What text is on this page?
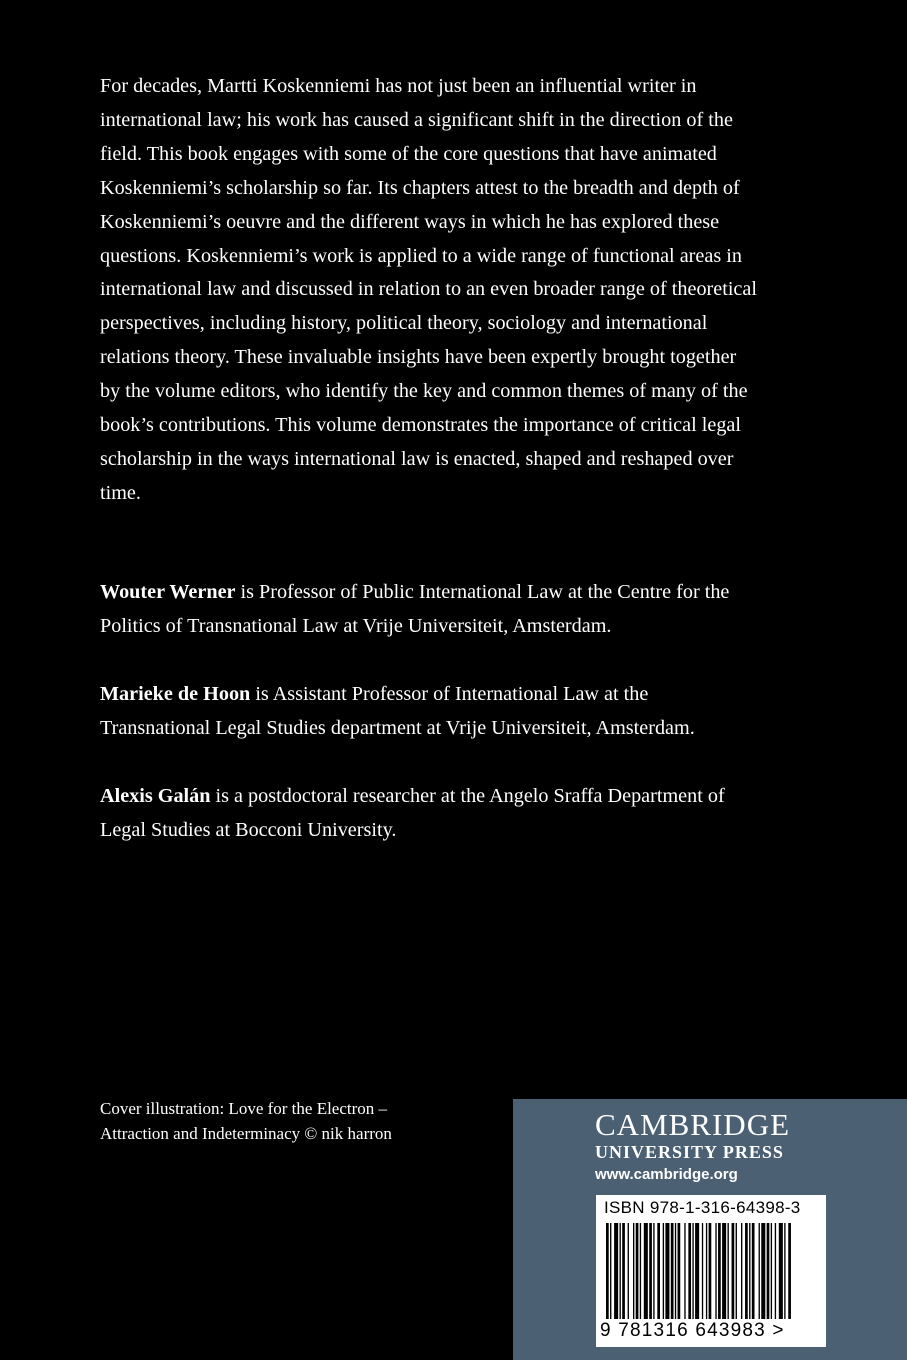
For decades, Martti Koskenniemi has not just been an influential writer in international law; his work has caused a significant shift in the direction of the field. This book engages with some of the core questions that have animated Koskenniemi’s scholarship so far. Its chapters attest to the breadth and depth of Koskenniemi’s oeuvre and the different ways in which he has explored these questions. Koskenniemi’s work is applied to a wide range of functional areas in international law and discussed in relation to an even broader range of theoretical perspectives, including history, political theory, sociology and international relations theory. These invaluable insights have been expertly brought together by the volume editors, who identify the key and common themes of many of the book’s contributions. This volume demonstrates the importance of critical legal scholarship in the ways international law is enacted, shaped and reshaped over time.

Wouter Werner is Professor of Public International Law at the Centre for the Politics of Transnational Law at Vrije Universiteit, Amsterdam.

Marieke de Hoon is Assistant Professor of International Law at the Transnational Legal Studies department at Vrije Universiteit, Amsterdam.

Alexis Galán is a postdoctoral researcher at the Angelo Sraffa Department of Legal Studies at Bocconi University.

Cover illustration: Love for the Electron –
Attraction and Indeterminacy © nik harron	CAMBRIDGE
UNIVERSITY PRESS
www.cambridge.org
ISBN 978-1-316-64398-3
9 781316 643983 >
